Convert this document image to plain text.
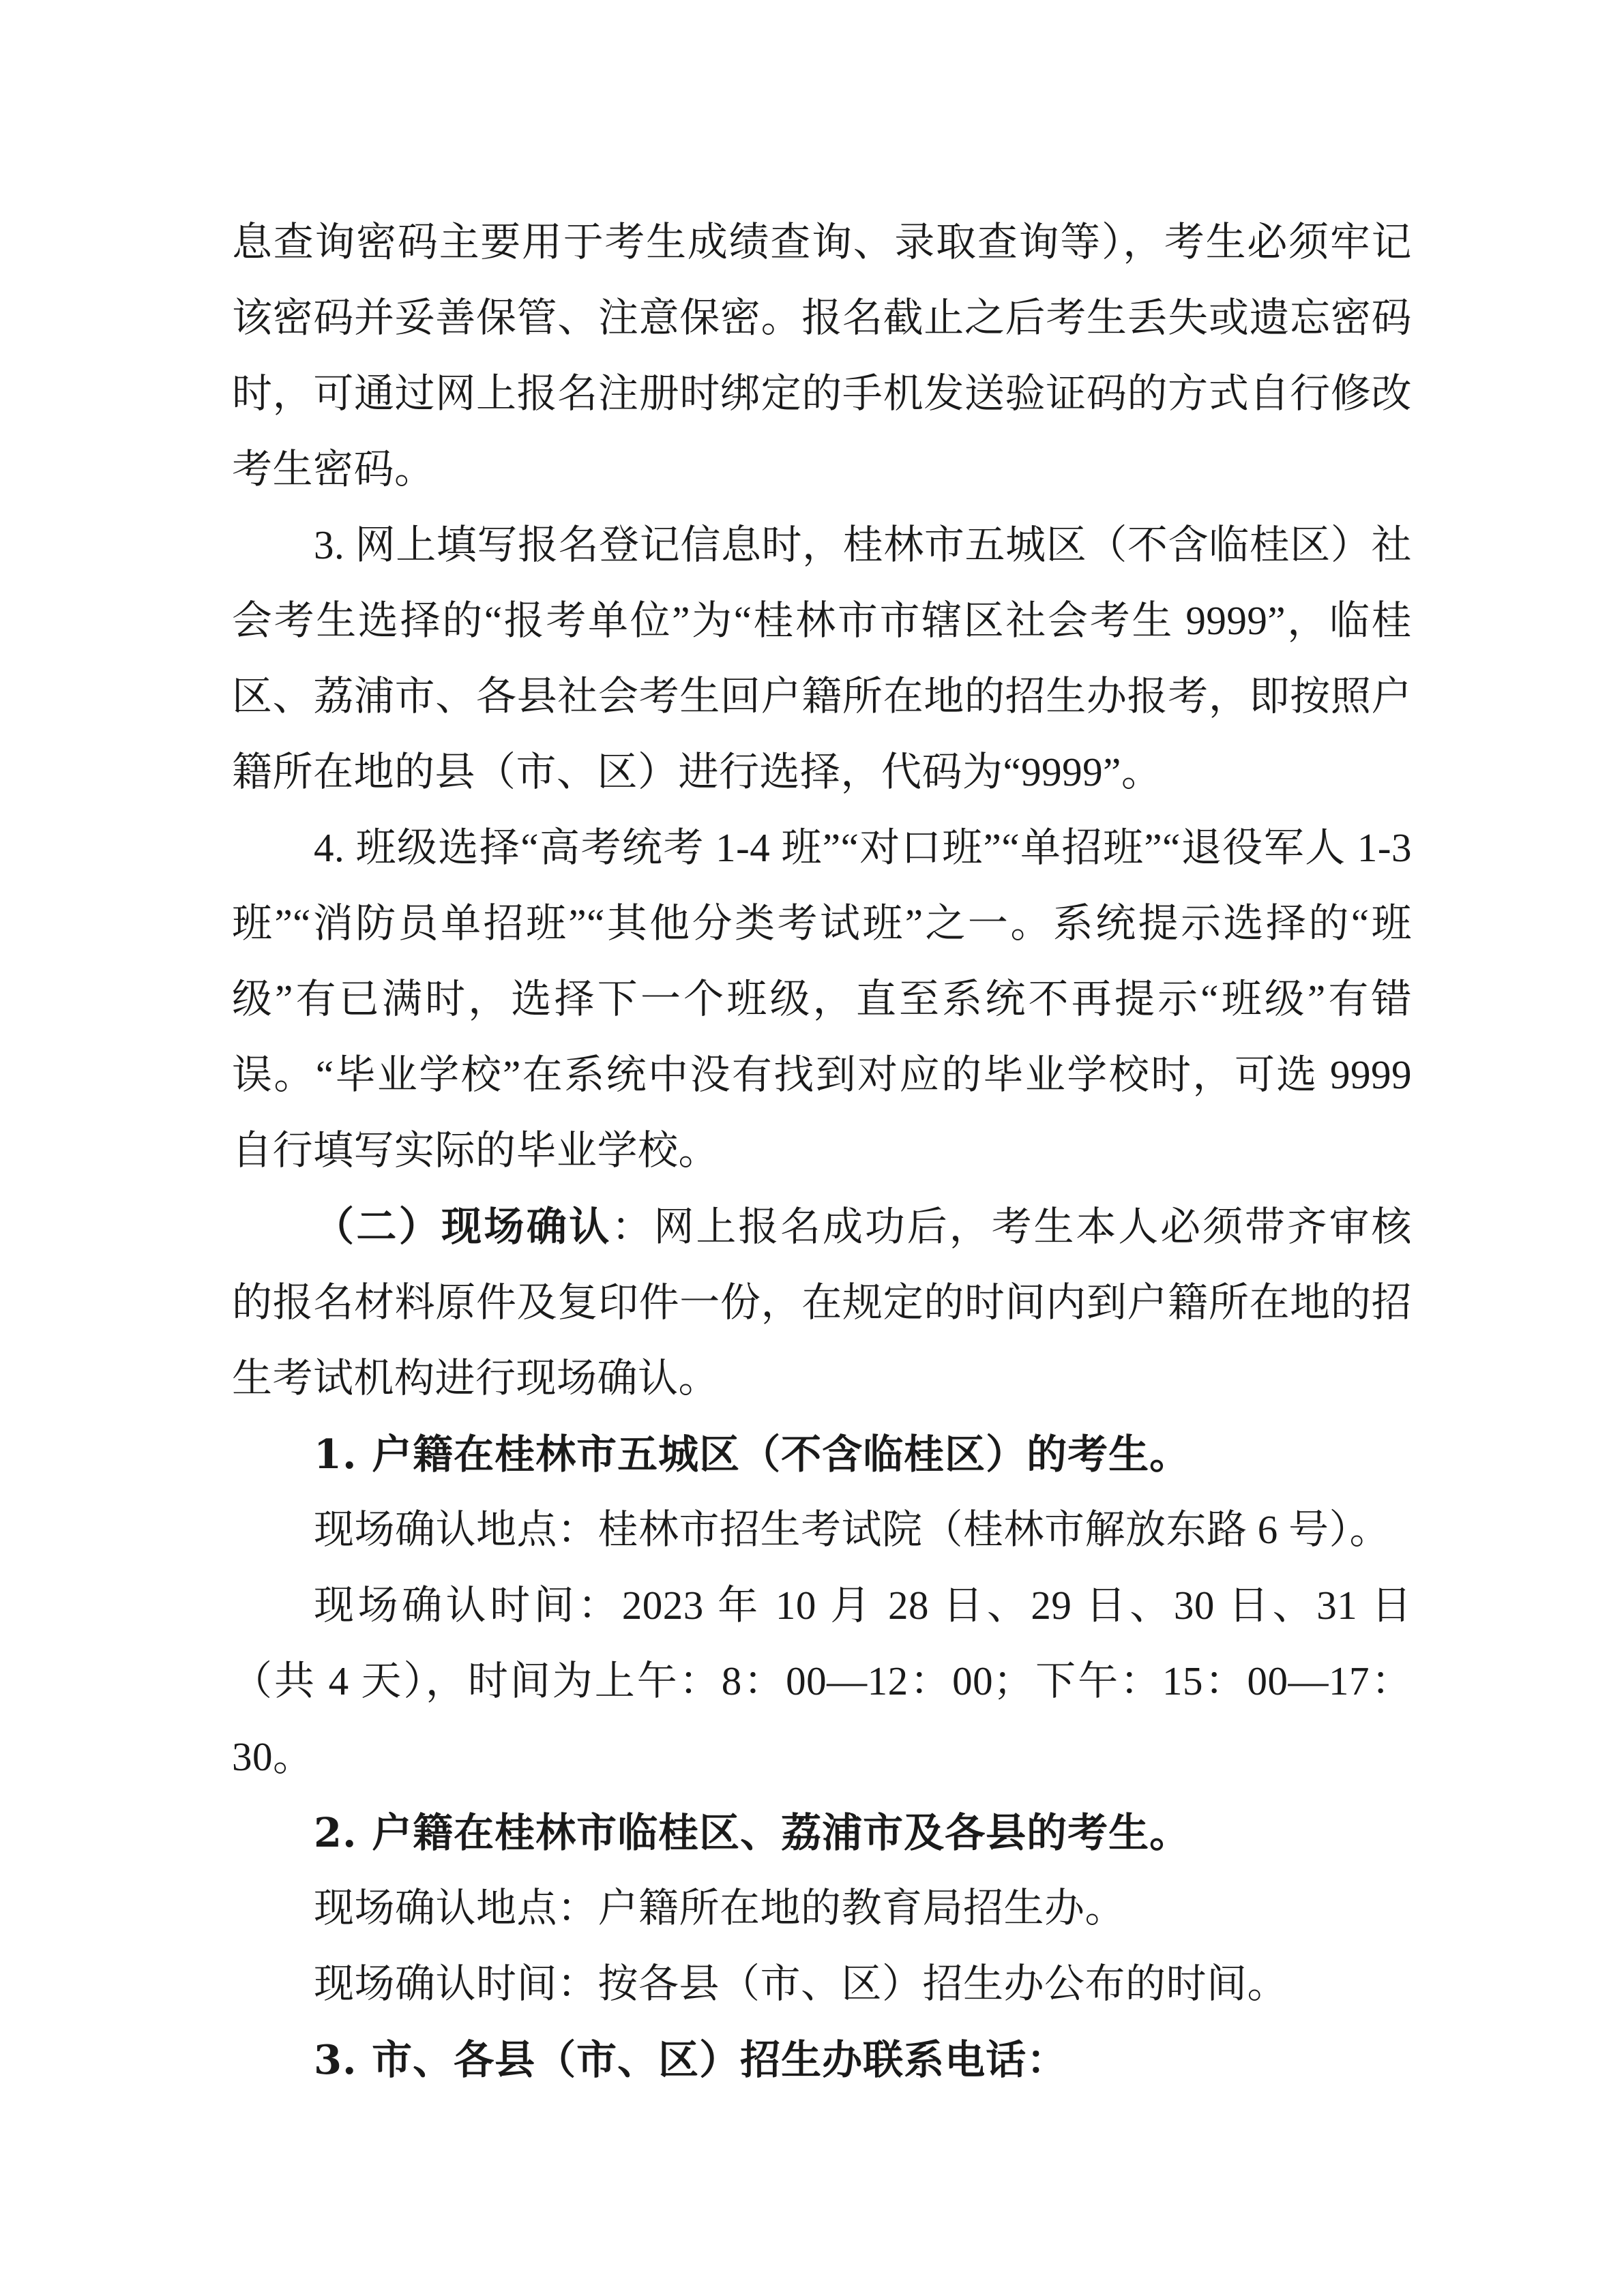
息查询密码主要用于考生成绩查询、录取查询等），考生必须牢记该密码并妥善保管、注意保密。报名截止之后考生丢失或遗忘密码时，可通过网上报名注册时绑定的手机发送验证码的方式自行修改考生密码。

3. 网上填写报名登记信息时，桂林市五城区（不含临桂区）社会考生选择的“报考单位”为“桂林市市辖区社会考生 9999”，临桂区、荔浦市、各县社会考生回户籍所在地的招生办报考，即按照户籍所在地的县（市、区）进行选择，代码为“9999”。

4. 班级选择“高考统考 1-4 班”“对口班”“单招班”“退役军人 1-3 班”“消防员单招班”“其他分类考试班”之一。系统提示选择的“班级”有已满时，选择下一个班级，直至系统不再提示“班级”有错误。“毕业学校”在系统中没有找到对应的毕业学校时，可选 9999 自行填写实际的毕业学校。

（二）现场确认：网上报名成功后，考生本人必须带齐审核的报名材料原件及复印件一份，在规定的时间内到户籍所在地的招生考试机构进行现场确认。

1. 户籍在桂林市五城区（不含临桂区）的考生。

现场确认地点：桂林市招生考试院（桂林市解放东路 6 号）。

现场确认时间：2023 年 10 月 28 日、29 日、30 日、31 日（共 4 天），时间为上午：8：00—12：00；下午：15：00—17：30。

2. 户籍在桂林市临桂区、荔浦市及各县的考生。

现场确认地点：户籍所在地的教育局招生办。

现场确认时间：按各县（市、区）招生办公布的时间。

3. 市、各县（市、区）招生办联系电话：
